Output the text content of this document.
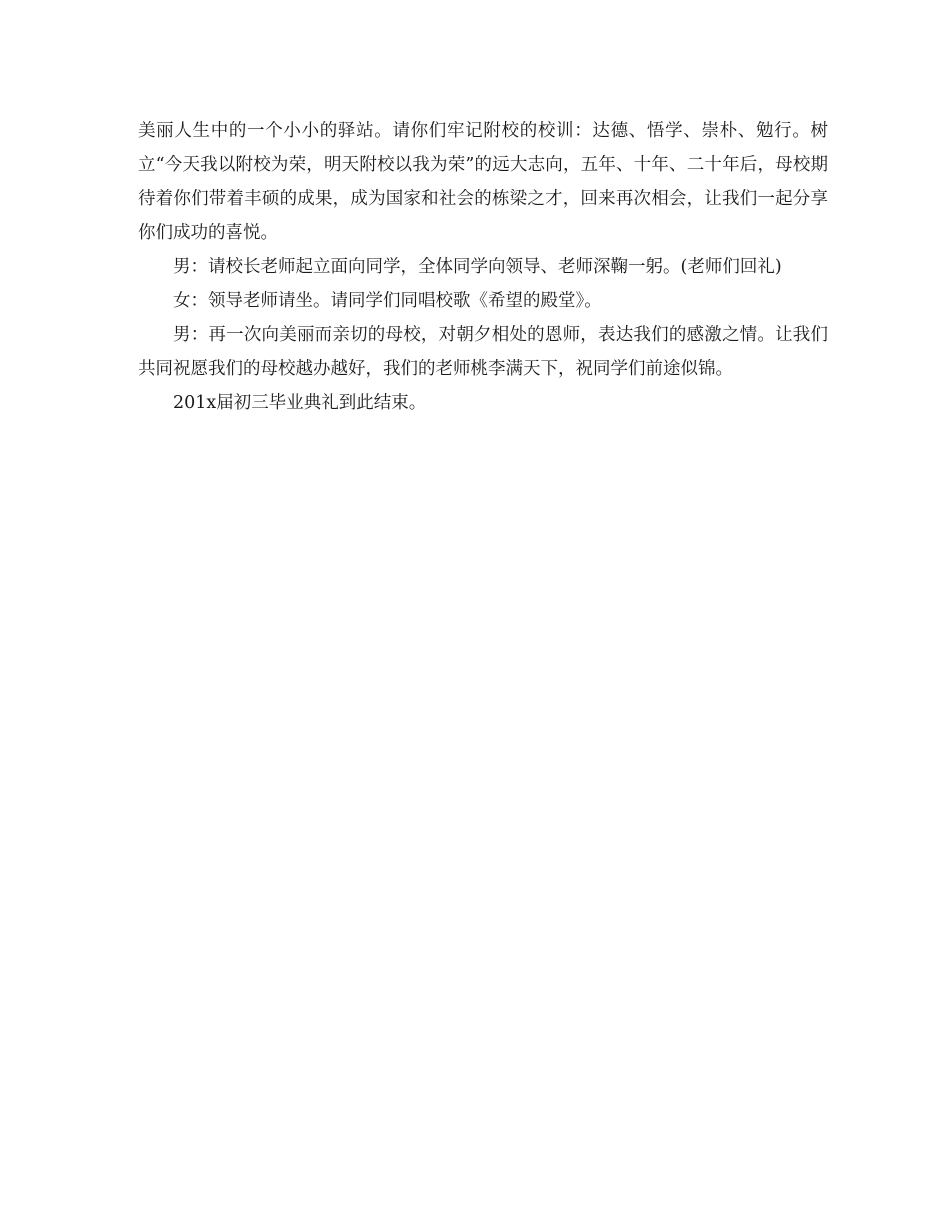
美丽人生中的一个小小的驿站。请你们牢记附校的校训：达德、悟学、崇朴、勉行。树立“今天我以附校为荣，明天附校以我为荣”的远大志向，五年、十年、二十年后，母校期待着你们带着丰硕的成果，成为国家和社会的栋梁之才，回来再次相会，让我们一起分享你们成功的喜悦。

男：请校长老师起立面向同学，全体同学向领导、老师深鞠一躬。(老师们回礼)

女：领导老师请坐。请同学们同唱校歌《希望的殿堂》。

男：再一次向美丽而亲切的母校，对朝夕相处的恩师，表达我们的感激之情。让我们共同祝愿我们的母校越办越好，我们的老师桃李满天下，祝同学们前途似锦。

201x届初三毕业典礼到此结束。
